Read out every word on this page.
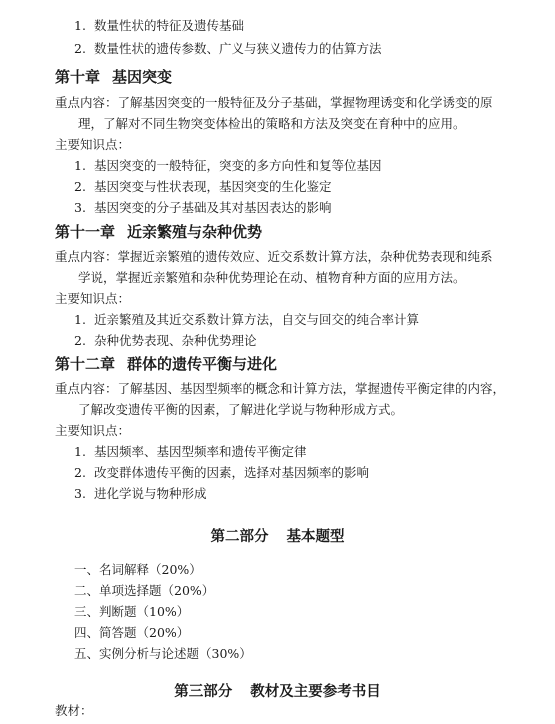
1. 数量性状的特征及遗传基础
2. 数量性状的遗传参数、广义与狭义遗传力的估算方法
第十章 基因突变
重点内容：了解基因突变的一般特征及分子基础，掌握物理诱变和化学诱变的原
理，了解对不同生物突变体检出的策略和方法及突变在育种中的应用。
主要知识点：
1. 基因突变的一般特征，突变的多方向性和复等位基因
2. 基因突变与性状表现，基因突变的生化鉴定
3. 基因突变的分子基础及其对基因表达的影响
第十一章 近亲繁殖与杂种优势
重点内容：掌握近亲繁殖的遗传效应、近交系数计算方法，杂种优势表现和纯系
学说，掌握近亲繁殖和杂种优势理论在动、植物育种方面的应用方法。
主要知识点：
1. 近亲繁殖及其近交系数计算方法，自交与回交的纯合率计算
2. 杂种优势表现、杂种优势理论
第十二章 群体的遗传平衡与进化
重点内容：了解基因、基因型频率的概念和计算方法，掌握遗传平衡定律的内容，
了解改变遗传平衡的因素，了解进化学说与物种形成方式。
主要知识点：
1. 基因频率、基因型频率和遗传平衡定律
2. 改变群体遗传平衡的因素，选择对基因频率的影响
3. 进化学说与物种形成
第二部分 基本题型
一、名词解释（20%）
二、单项选择题（20%）
三、判断题（10%）
四、简答题（20%）
五、实例分析与论述题（30%）
第三部分 教材及主要参考书目
教材：
